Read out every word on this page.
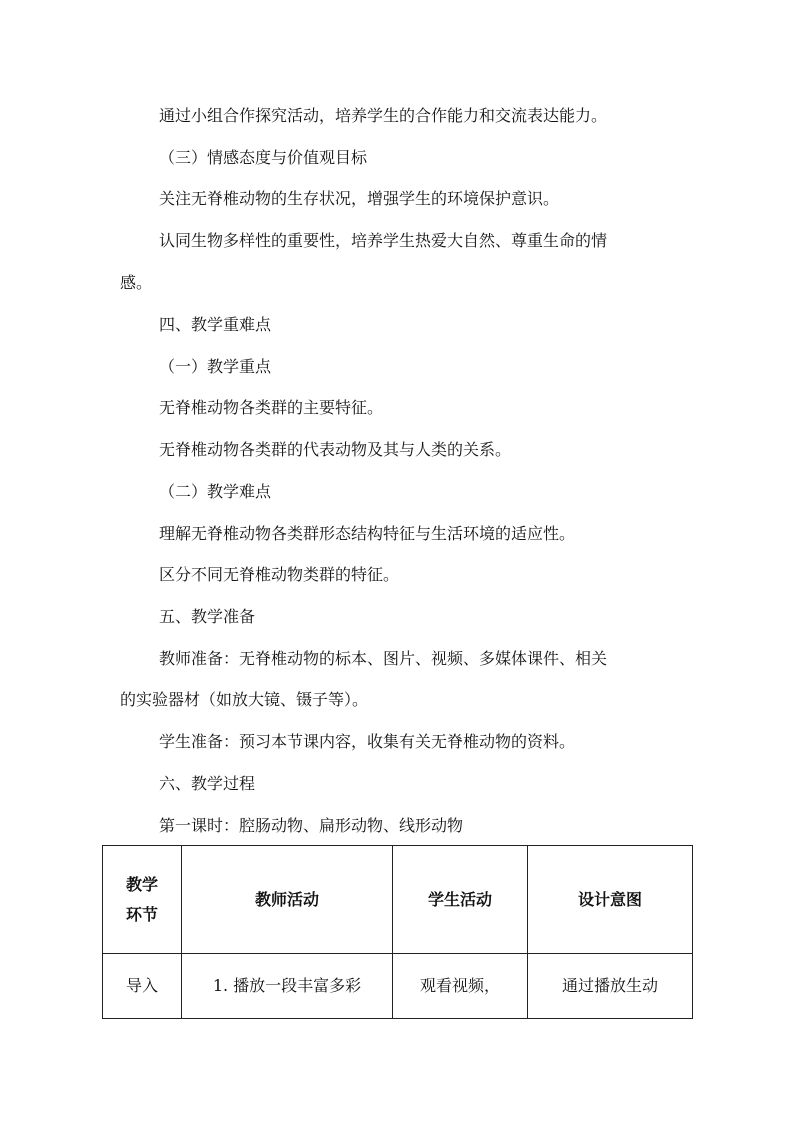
通过小组合作探究活动，培养学生的合作能力和交流表达能力。
（三）情感态度与价值观目标
关注无脊椎动物的生存状况，增强学生的环境保护意识。
认同生物多样性的重要性，培养学生热爱大自然、尊重生命的情
感。
四、教学重难点
（一）教学重点
无脊椎动物各类群的主要特征。
无脊椎动物各类群的代表动物及其与人类的关系。
（二）教学难点
理解无脊椎动物各类群形态结构特征与生活环境的适应性。
区分不同无脊椎动物类群的特征。
五、教学准备
教师准备：无脊椎动物的标本、图片、视频、多媒体课件、相关
的实验器材（如放大镜、镊子等）。
学生准备：预习本节课内容，收集有关无脊椎动物的资料。
六、教学过程
第一课时：腔肠动物、扁形动物、线形动物
教学
环节	教师活动	学生活动	设计意图
导入	1. 播放一段丰富多彩	观看视频，	通过播放生动
